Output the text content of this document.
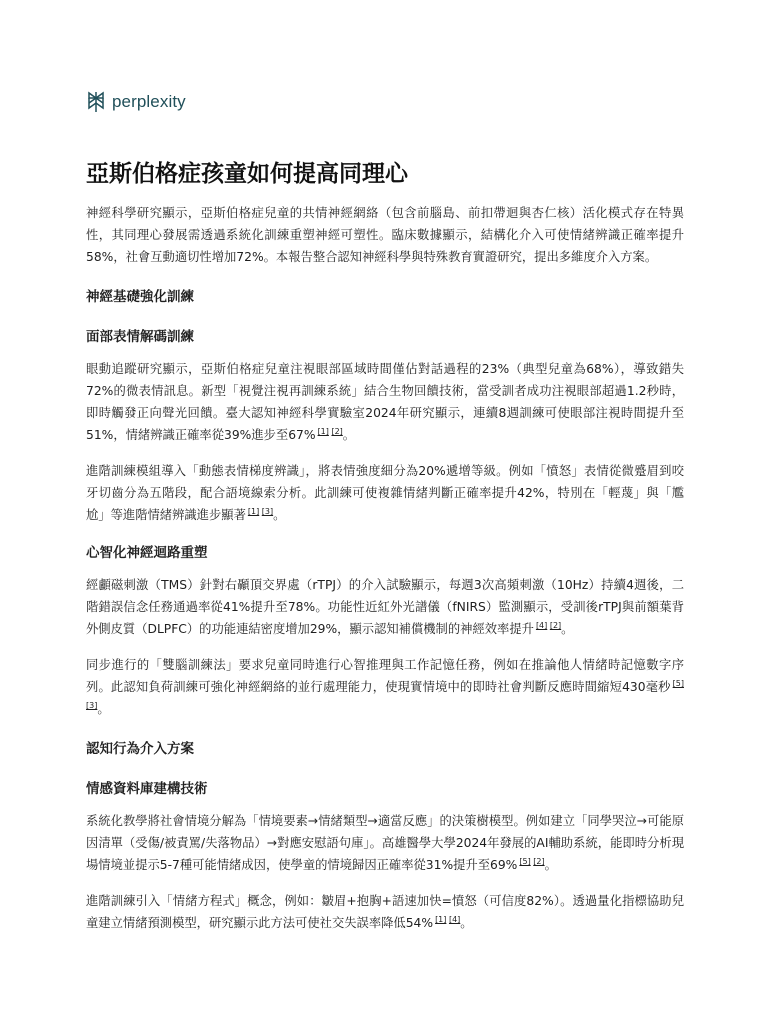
perplexity
亞斯伯格症孩童如何提高同理心

神經科學研究顯示，亞斯伯格症兒童的共情神經網絡（包含前腦島、前扣帶迴與杏仁核）活化模式存在特異性，其同理心發展需透過系統化訓練重塑神經可塑性。臨床數據顯示，結構化介入可使情緒辨識正確率提升58%，社會互動適切性增加72%。本報告整合認知神經科學與特殊教育實證研究，提出多維度介入方案。

神經基礎強化訓練
面部表情解碼訓練

眼動追蹤研究顯示，亞斯伯格症兒童注視眼部區域時間僅佔對話過程的23%（典型兒童為68%），導致錯失72%的微表情訊息。新型「視覺注視再訓練系統」結合生物回饋技術，當受訓者成功注視眼部超過1.2秒時，即時觸發正向聲光回饋。臺大認知神經科學實驗室2024年研究顯示，連續8週訓練可使眼部注視時間提升至51%，情緒辨識正確率從39%進步至67% [1] [2]。

進階訓練模組導入「動態表情梯度辨識」，將表情強度細分為20%遞增等級。例如「憤怒」表情從微蹙眉到咬牙切齒分為五階段，配合語境線索分析。此訓練可使複雜情緒判斷正確率提升42%，特別在「輕蔑」與「尷尬」等進階情緒辨識進步顯著 [1] [3]。

心智化神經迴路重塑

經顱磁刺激（TMS）針對右顳頂交界處（rTPJ）的介入試驗顯示，每週3次高頻刺激（10Hz）持續4週後，二階錯誤信念任務通過率從41%提升至78%。功能性近紅外光譜儀（fNIRS）監測顯示，受訓後rTPJ與前額葉背外側皮質（DLPFC）的功能連結密度增加29%，顯示認知補償機制的神經效率提升 [4] [2]。

同步進行的「雙腦訓練法」要求兒童同時進行心智推理與工作記憶任務，例如在推論他人情緒時記憶數字序列。此認知負荷訓練可強化神經網絡的並行處理能力，使現實情境中的即時社會判斷反應時間縮短430毫秒 [5] [3]。

認知行為介入方案
情感資料庫建構技術

系統化教學將社會情境分解為「情境要素→情緒類型→適當反應」的決策樹模型。例如建立「同學哭泣→可能原因清單（受傷/被責罵/失落物品）→對應安慰語句庫」。高雄醫學大學2024年發展的AI輔助系統，能即時分析現場情境並提示5-7種可能情緒成因，使學童的情境歸因正確率從31%提升至69% [5] [2]。

進階訓練引入「情緒方程式」概念，例如：皺眉+抱胸+語速加快=憤怒（可信度82%）。透過量化指標協助兒童建立情緒預測模型，研究顯示此方法可使社交失誤率降低54% [1] [4]。
